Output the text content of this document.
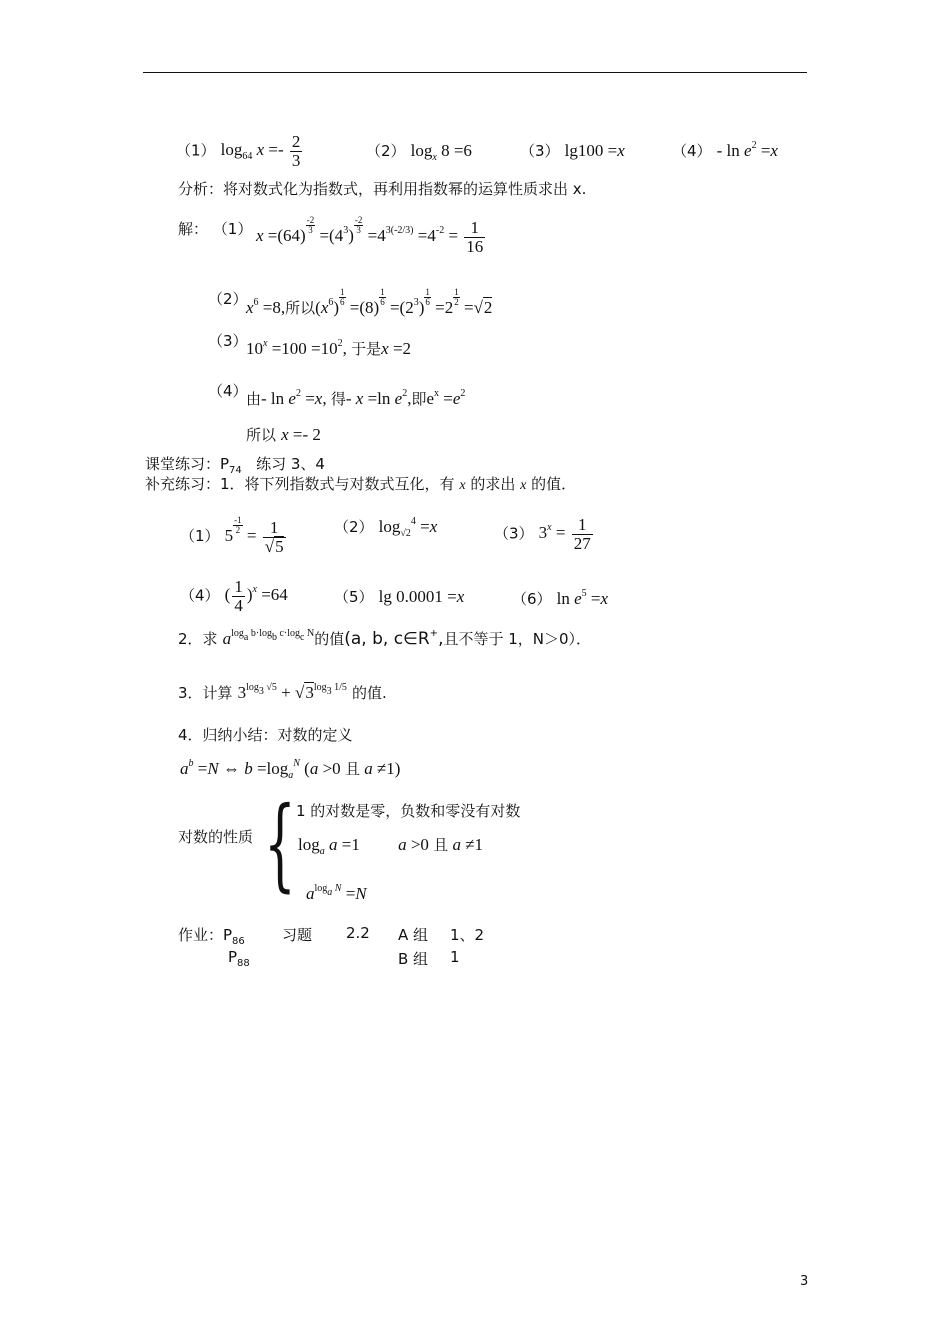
（1） $\log_{64} x =- \frac{2}{3}$	（2） $\log_x 8 =6$	（3） lg100 =x	$(4) - \ln e^2 =x$
分析：将对数式化为指数式，再利用指数幂的运算性质求出 x.
解： （1） x =(64)
$\frac{-2}{3}$
$=(4^3)$
$\frac{-2}{3}$
$=4^{3(-2/3)} =4^{-2} = \frac{1}{16}$
（2）
$x^6 =8$,所以$(x^6)$
$\frac{1}{6}$
=(8)
$\frac{1}{6}$
$=(2^3)$
$\frac{1}{6}$
=2
$\frac{1}{2}$
=√2
（3）
$10^x =100 =10^2$, 于是x =2
（4）
由- $\ln e^2 =x$, 得- x =ln $e^2$,即$e^x =e^2$
所以 x =- 2
课堂练习：$P_{74}$ 练习 3、4
补充练习：1．将下列指数式与对数式互化，有 x 的求出 x 的值．
（1） 5
$\frac{-1}{2}$
= $\frac{1}{√5}$	（2） $\log_{√2}^4 =x$	（3） $3^x = \frac{1}{27}$
（4） ( $\frac{1}{4} )^x =64$	（5） lg 0.0001 =x	（6） $\ln e^5 =x$
2．求 $a^{log_a b\cdot log_b c\cdot log_c N}$的值(a, b, c∈R+,且不等于 1，N＞0）．
3．计算 $3^{log_3 √5} + √3^{log_3 1/5}$ 的值.
4．归纳小结：对数的定义
$a^b =N$ ⇔ $b =\log_a^N$ (a >0 且 a ≠1)
对数的性质 { 1 的对数是零，负数和零没有对数
$\log_a a =1$         a >0 且 a ≠1
$a^{log_a N} =N$
作业：$P_{86}$ 习题 2.2 A 组 1、2
$P_{88}$	B 组 1
3
